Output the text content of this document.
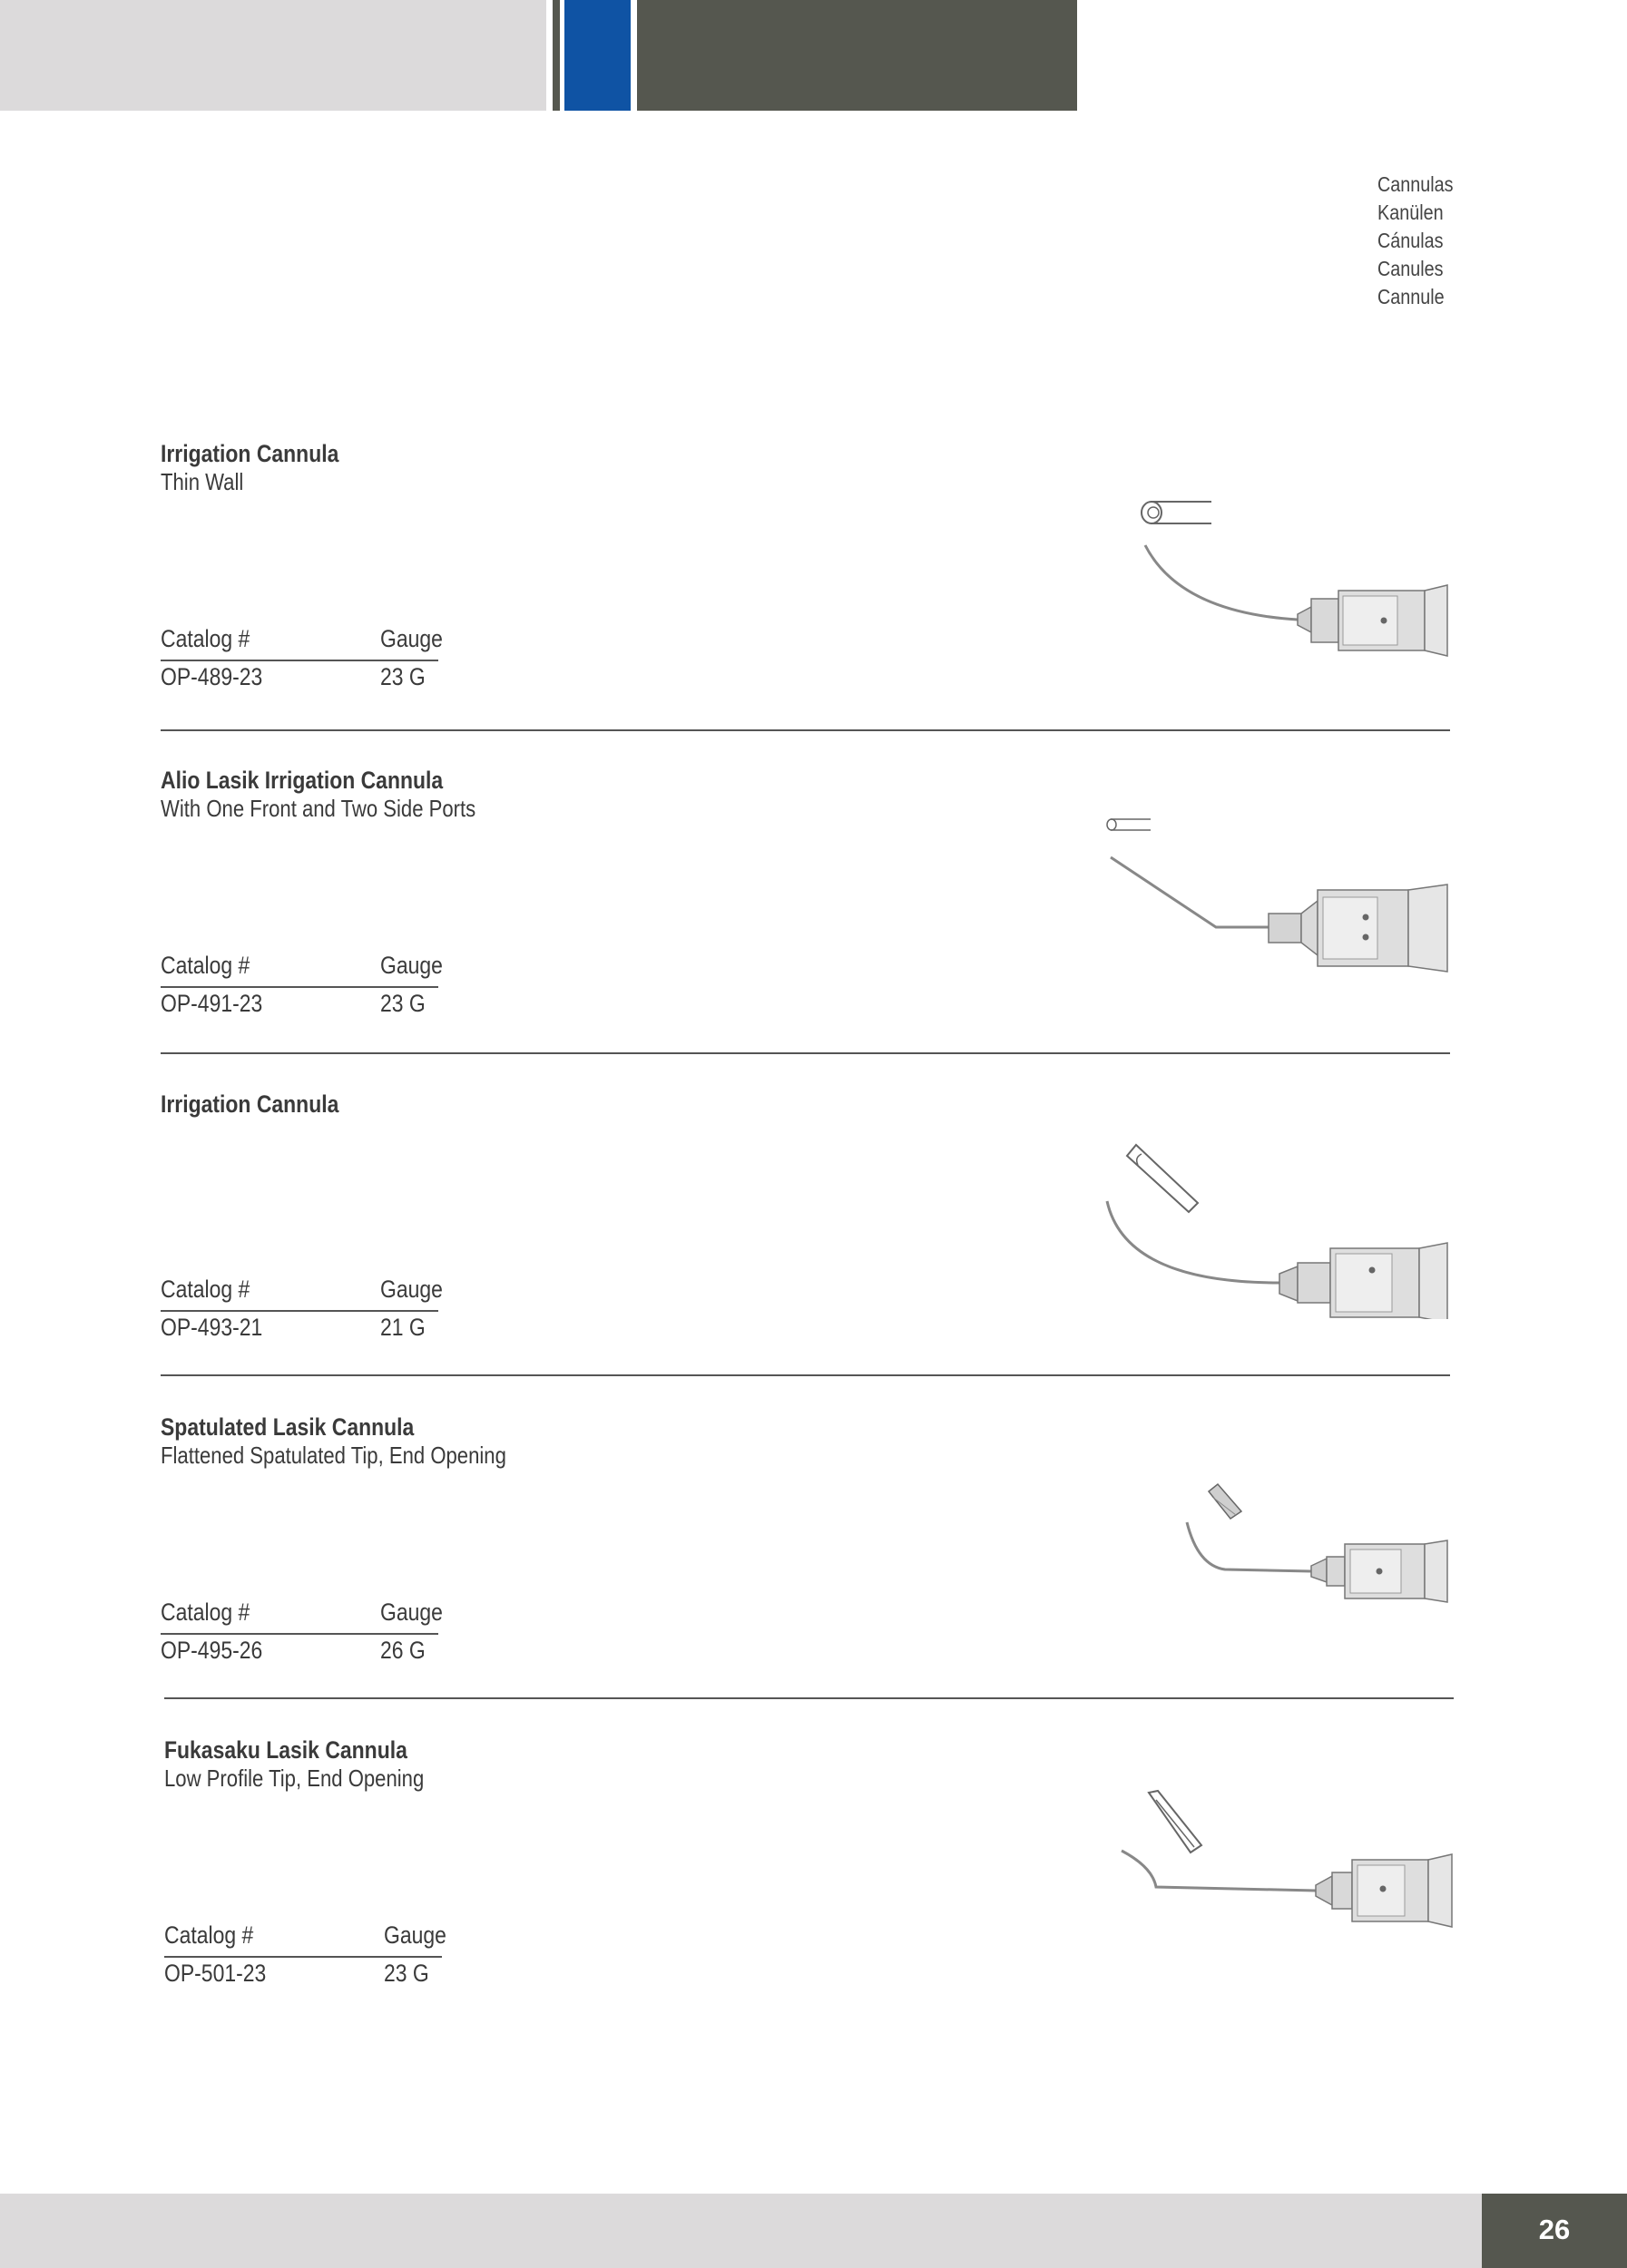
Cannulas
Kanülen
Cánulas
Canules
Cannule
Irrigation Cannula
Thin Wall
Catalog #	Gauge
OP-489-23	23 G
Alio Lasik Irrigation Cannula
With One Front and Two Side Ports
Catalog #	Gauge
OP-491-23	23 G
Irrigation Cannula
Catalog #	Gauge
OP-493-21	21 G
Spatulated Lasik Cannula
Flattened Spatulated Tip, End Opening
Catalog #	Gauge
OP-495-26	26 G
Fukasaku Lasik Cannula
Low Profile Tip, End Opening
Catalog #	Gauge
OP-501-23	23 G
26
